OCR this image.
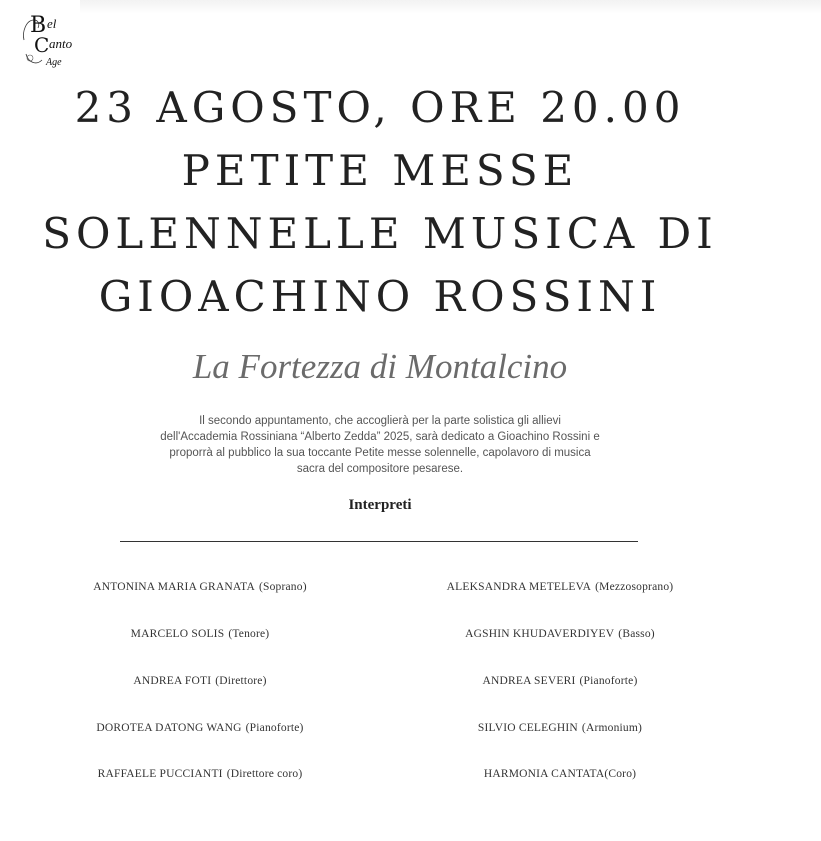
B el
C anto
Age
23 AGOSTO, ORE 20.00
PETITE MESSE
SOLENNELLE MUSICA DI
GIOACHINO ROSSINI
La Fortezza di Montalcino

Il secondo appuntamento, che accoglierà per la parte solistica gli allievi dell'Accademia Rossiniana “Alberto Zedda” 2025, sarà dedicato a Gioachino Rossini e proporrà al pubblico la sua toccante Petite messe solennelle, capolavoro di musica sacra del compositore pesarese.

Interpreti
ANTONINA MARIA GRANATA (Soprano)	ALEKSANDRA METELEVA (Mezzosoprano)
MARCELO SOLIS (Tenore)	AGSHIN KHUDAVERDIYEV (Basso)
ANDREA FOTI (Direttore)	ANDREA SEVERI (Pianoforte)
DOROTEA DATONG WANG (Pianoforte)	SILVIO CELEGHIN (Armonium)
RAFFAELE PUCCIANTI (Direttore coro)	HARMONIA CANTATA (Coro)
